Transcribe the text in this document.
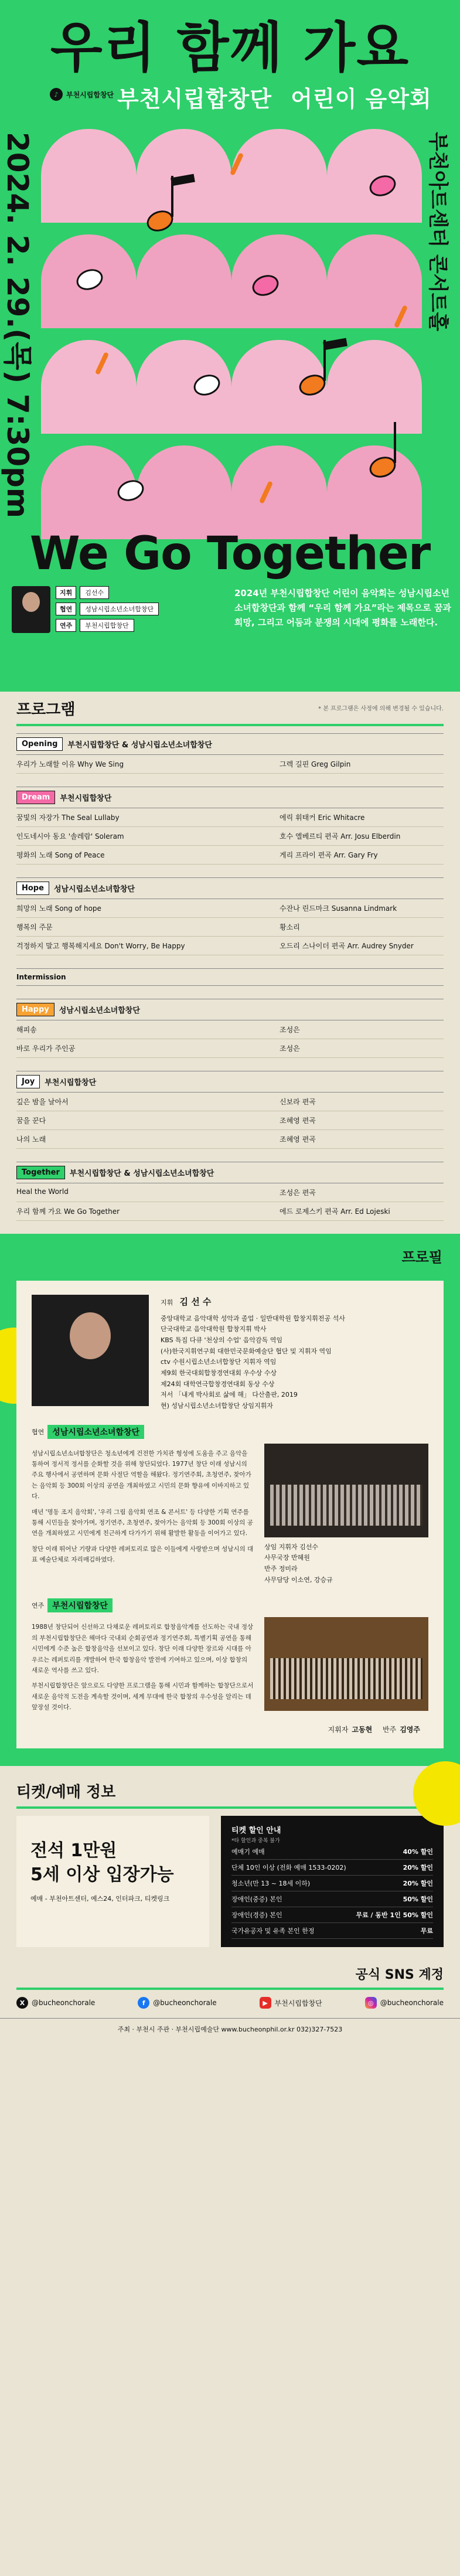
우리 함께 가요
♪	부천시립합창단 부천시립합창단 어린이 음악회
2024. 2. 29.(목) 7:30pm	부천아트센터 콘서트홀
We Go Together
지휘	김선수

협연	성남시립소년소녀합창단

연주	부천시립합창단
2024년 부천시립합창단 어린이 음악회는 성남시립소년소녀합창단과 함께 “우리 함께 가요”라는 제목으로 꿈과 희망, 그리고 어둠과 분쟁의 시대에 평화를 노래한다.
프로그램	* 본 프로그램은 사정에 의해 변경될 수 있습니다.
Opening	부천시립합창단 & 성남시립소년소녀합창단
우리가 노래할 이유 Why We Sing	그렉 길핀 Greg Gilpin
Dream	부천시립합창단
꿈빛의 자장가 The Seal Lullaby	에릭 휘태커 Eric Whitacre
인도네시아 동요 '솔레람' Soleram	호수 엘베르티 편곡 Arr. Josu Elberdin
평화의 노래 Song of Peace	게리 프라이 편곡 Arr. Gary Fry
Hope	성남시립소년소녀합창단
희망의 노래 Song of hope	수잔나 린드마크 Susanna Lindmark
행복의 주문	황소리
걱정하지 말고 행복해지세요 Don't Worry, Be Happy	오드리 스나이더 편곡 Arr. Audrey Snyder
Intermission
Happy	성남시립소년소녀합창단
해피송	조성은
바로 우리가 주인공	조성은
Joy	부천시립합창단
깊은 밤을 날아서	신보라 편곡
꿈을 꾼다	조혜영 편곡
나의 노래	조혜영 편곡
Together	부천시립합창단 & 성남시립소년소녀합창단
Heal the World	조성은 편곡
우리 함께 가요 We Go Together	에드 로제스키 편곡 Arr. Ed Lojeski
프로필
지휘 김 선 수
중앙대학교 음악대학 성악과 졸업 · 일반대학원 합창지휘전공 석사
단국대학교 음악대학원 합창지휘 박사
KBS 특집 다큐 '천상의 수업' 음악감독 역임
(사)한국지휘연구회 대한민국문화예술단 협단 및 지휘자 역임
ctv 수원시립소년소녀합창단 지휘자 역임
제9회 한국대회합창경연대회 우수상 수상
제24회 대학연극합창경연대회 동상 수상
저서 「내게 박사회로 삶에 해」 다산출판, 2019
현) 성남시립소년소녀합창단 상임지휘자
협연	성남시립소년소녀합창단

성남시립소년소녀합창단은 청소년에게 건전한 가치관 형성에 도움을 주고 음악을 통하여 정서적 정서를 순화할 것을 위해 창단되었다. 1977년 창단 이래 성남시의 주요 행사에서 공연하며 문화 사절단 역할을 해왔다. 정기연주회, 초청연주, 찾아가는 음악회 등 300회 이상의 공연을 개최하였고 시민의 문화 향유에 이바지하고 있다.

매년 '명동 조지 음악회', '우리 그림 음악회 연조 & 콘서트' 등 다양한 기획 연주를 통해 시민들을 찾아가며, 정기연주, 초청연주, 찾아가는 음악회 등 300회 이상의 공연을 개최하였고 시민에게 친근하게 다가가기 위해 활발한 활동을 이어가고 있다.

창단 이래 뛰어난 기량과 다양한 레퍼토리로 많은 이들에게 사랑받으며 성남시의 대표 예술단체로 자리매김하였다.

상임 지휘자 김선수
사무국장 반혜원
반주 정미라
사무담당 이소연, 강승규
연주	부천시립합창단

1988년 창단되어 신선하고 다채로운 레퍼토리로 합창음악계를 선도하는 국내 정상의 부천시립합창단은 해마다 국내외 순회공연과 정기연주회, 특별기획 공연을 통해 시민에게 수준 높은 합창음악을 선보이고 있다. 창단 이래 다양한 장르와 시대를 아우르는 레퍼토리를 개발하여 한국 합창음악 발전에 기여하고 있으며, 이상 합창의 새로운 역사를 쓰고 있다.

부천시립합창단은 앞으로도 다양한 프로그램을 통해 시민과 함께하는 합창단으로서 새로운 음악적 도전을 계속할 것이며, 세계 무대에 한국 합창의 우수성을 알리는 데 앞장설 것이다.

지휘자 고동현 반주 김영주
티켓/예매 정보
전석 1만원
5세 이상 입장가능
예매 - 부천아트센터, 예스24, 인터파크, 티켓링크
티켓 할인 안내
*타 할인과 중복 불가
예매기 예매	40% 할인
단체 10인 이상 (전화 예매 1533-0202)	20% 할인
청소년(만 13 ~ 18세 이하)	20% 할인
장애인(중증) 본인	50% 할인
장애인(경증) 본인	무료 / 동반 1인 50% 할인
국가유공자 및 유족 본인 한정	무료
공식 SNS 계정
X @bucheonchorale	f	@bucheonchorale	▶ 부천시립합창단	◎ @bucheonchorale
주최 · 부천시 주관 · 부천시립예술단 www.bucheonphil.or.kr 032)327-7523
